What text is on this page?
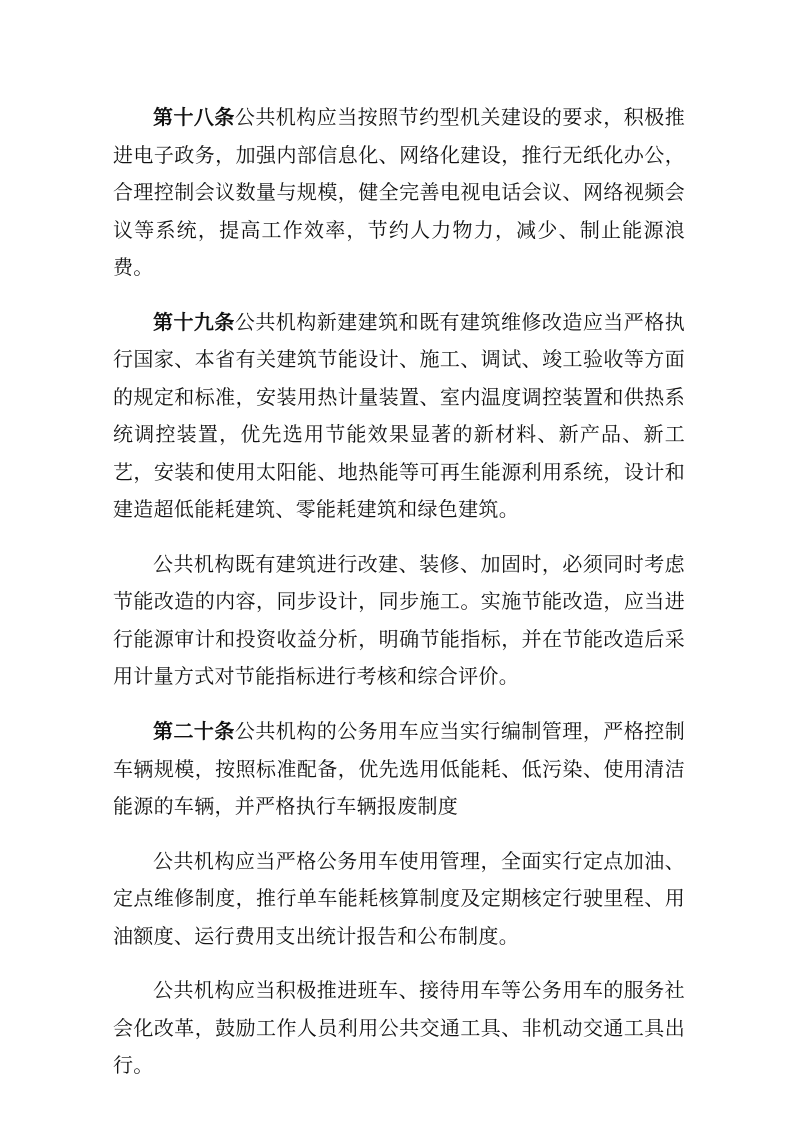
第十八条公共机构应当按照节约型机关建设的要求，积极推进电子政务，加强内部信息化、网络化建设，推行无纸化办公，合理控制会议数量与规模，健全完善电视电话会议、网络视频会议等系统，提高工作效率，节约人力物力，减少、制止能源浪费。

第十九条公共机构新建建筑和既有建筑维修改造应当严格执行国家、本省有关建筑节能设计、施工、调试、竣工验收等方面的规定和标准，安装用热计量装置、室内温度调控装置和供热系统调控装置，优先选用节能效果显著的新材料、新产品、新工艺，安装和使用太阳能、地热能等可再生能源利用系统，设计和建造超低能耗建筑、零能耗建筑和绿色建筑。

公共机构既有建筑进行改建、装修、加固时，必须同时考虑节能改造的内容，同步设计，同步施工。实施节能改造，应当进行能源审计和投资收益分析，明确节能指标，并在节能改造后采用计量方式对节能指标进行考核和综合评价。

第二十条公共机构的公务用车应当实行编制管理，严格控制车辆规模，按照标准配备，优先选用低能耗、低污染、使用清洁能源的车辆，并严格执行车辆报废制度

公共机构应当严格公务用车使用管理，全面实行定点加油、定点维修制度，推行单车能耗核算制度及定期核定行驶里程、用油额度、运行费用支出统计报告和公布制度。

公共机构应当积极推进班车、接待用车等公务用车的服务社会化改革，鼓励工作人员利用公共交通工具、非机动交通工具出行。
